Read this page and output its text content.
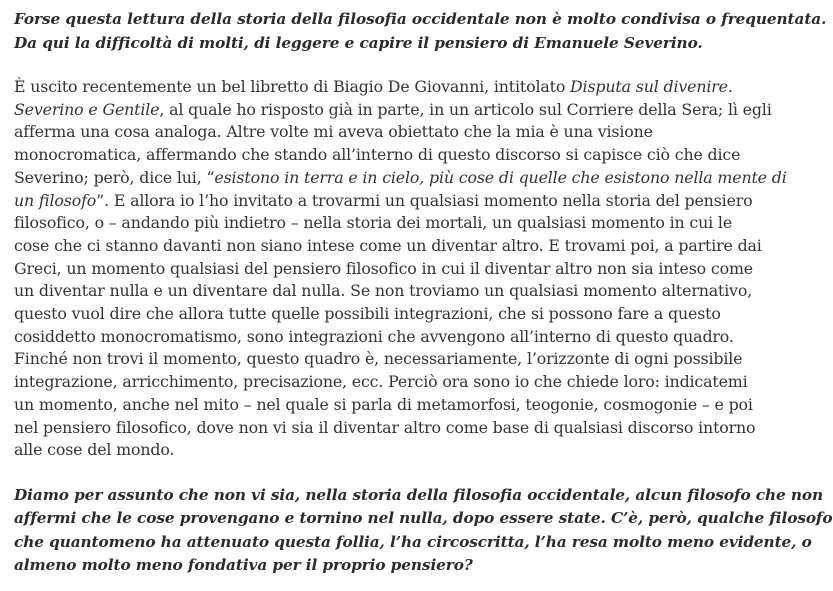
Forse questa lettura della storia della filosofia occidentale non è molto condivisa o frequentata.
Da qui la difficoltà di molti, di leggere e capire il pensiero di Emanuele Severino.

È uscito recentemente un bel libretto di Biagio De Giovanni, intitolato Disputa sul divenire.
Severino e Gentile, al quale ho risposto già in parte, in un articolo sul Corriere della Sera; lì egli
afferma una cosa analoga. Altre volte mi aveva obiettato che la mia è una visione
monocromatica, affermando che stando all’interno di questo discorso si capisce ciò che dice
Severino; però, dice lui, “esistono in terra e in cielo, più cose di quelle che esistono nella mente di
un filosofo”. E allora io l’ho invitato a trovarmi un qualsiasi momento nella storia del pensiero
filosofico, o – andando più indietro – nella storia dei mortali, un qualsiasi momento in cui le
cose che ci stanno davanti non siano intese come un diventar altro. E trovami poi, a partire dai
Greci, un momento qualsiasi del pensiero filosofico in cui il diventar altro non sia inteso come
un diventar nulla e un diventare dal nulla. Se non troviamo un qualsiasi momento alternativo,
questo vuol dire che allora tutte quelle possibili integrazioni, che si possono fare a questo
cosiddetto monocromatismo, sono integrazioni che avvengono all’interno di questo quadro.
Finché non trovi il momento, questo quadro è, necessariamente, l’orizzonte di ogni possibile
integrazione, arricchimento, precisazione, ecc. Perciò ora sono io che chiede loro: indicatemi
un momento, anche nel mito – nel quale si parla di metamorfosi, teogonie, cosmogonie – e poi
nel pensiero filosofico, dove non vi sia il diventar altro come base di qualsiasi discorso intorno
alle cose del mondo.

Diamo per assunto che non vi sia, nella storia della filosofia occidentale, alcun filosofo che non
affermi che le cose provengano e tornino nel nulla, dopo essere state. C’è, però, qualche filosofo
che quantomeno ha attenuato questa follia, l’ha circoscritta, l’ha resa molto meno evidente, o
almeno molto meno fondativa per il proprio pensiero?
